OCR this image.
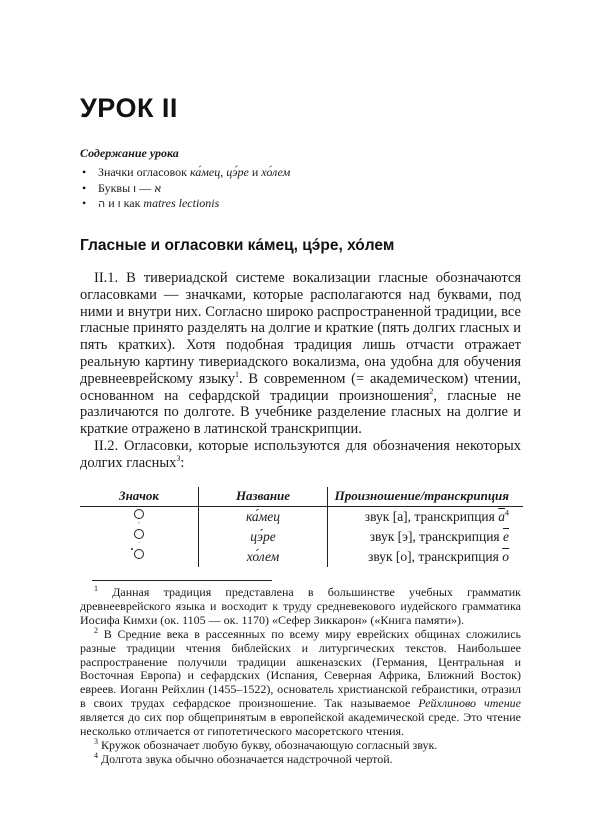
УРОК II
Содержание урока
• Значки огласовок ка́мец, цэ́ре и хо́лем
• Буквы א — ו
• ה и ו как matres lectionis
Гласные и огласовки ка́мец, цэ́ре, хо́лем

II.1. В тивериадской системе вокализации гласные обозначаются огласовками — значками, которые располагаются над буквами, под ними и внутри них. Согласно широко распространенной традиции, все гласные принято разделять на долгие и краткие (пять долгих гласных и пять кратких). Хотя подобная традиция лишь отчасти отражает реальную картину тивериадского вокализма, она удобна для обучения древнееврейскому языку$^1$. В современном (= академическом) чтении, основанном на сефардской традиции произношения$^2$, гласные не различаются по долготе. В учебнике разделение гласных на долгие и краткие отражено в латинской транскрипции.

II.2. Огласовки, которые используются для обозначения некоторых долгих гласных$^3$:

Значок	Название	Произношение/транскрипция

	ка́мец	звук [а], транскрипция $\overline{a}^4$

	цэ́ре	звук [э], транскрипция $\overline{e}$

	хо́лем	звук [о], транскрипция $\overline{o}$

$^1$ Данная традиция представлена в большинстве учебных грамматик древнееврейского языка и восходит к труду средневекового иудейского грамматика Иосифа Кимхи (ок. 1105 — ок. 1170) «Сефер Зиккарон» («Книга памяти»).

$^2$ В Средние века в рассеянных по всему миру еврейских общинах сложились разные традиции чтения библейских и литургических текстов. Наибольшее распространение получили традиции ашкеназских (Германия, Центральная и Восточная Европа) и сефардских (Испания, Северная Африка, Ближний Восток) евреев. Иоганн Рейхлин (1455–1522), основатель христианской гебраистики, отразил в своих трудах сефардское произношение. Так называемое Рейхлиново чтение является до сих пор общепринятым в европейской академической среде. Это чтение несколько отличается от гипотетического масоретского чтения.

$^3$ Кружок обозначает любую букву, обозначающую согласный звук.

$^4$ Долгота звука обычно обозначается надстрочной чертой.
